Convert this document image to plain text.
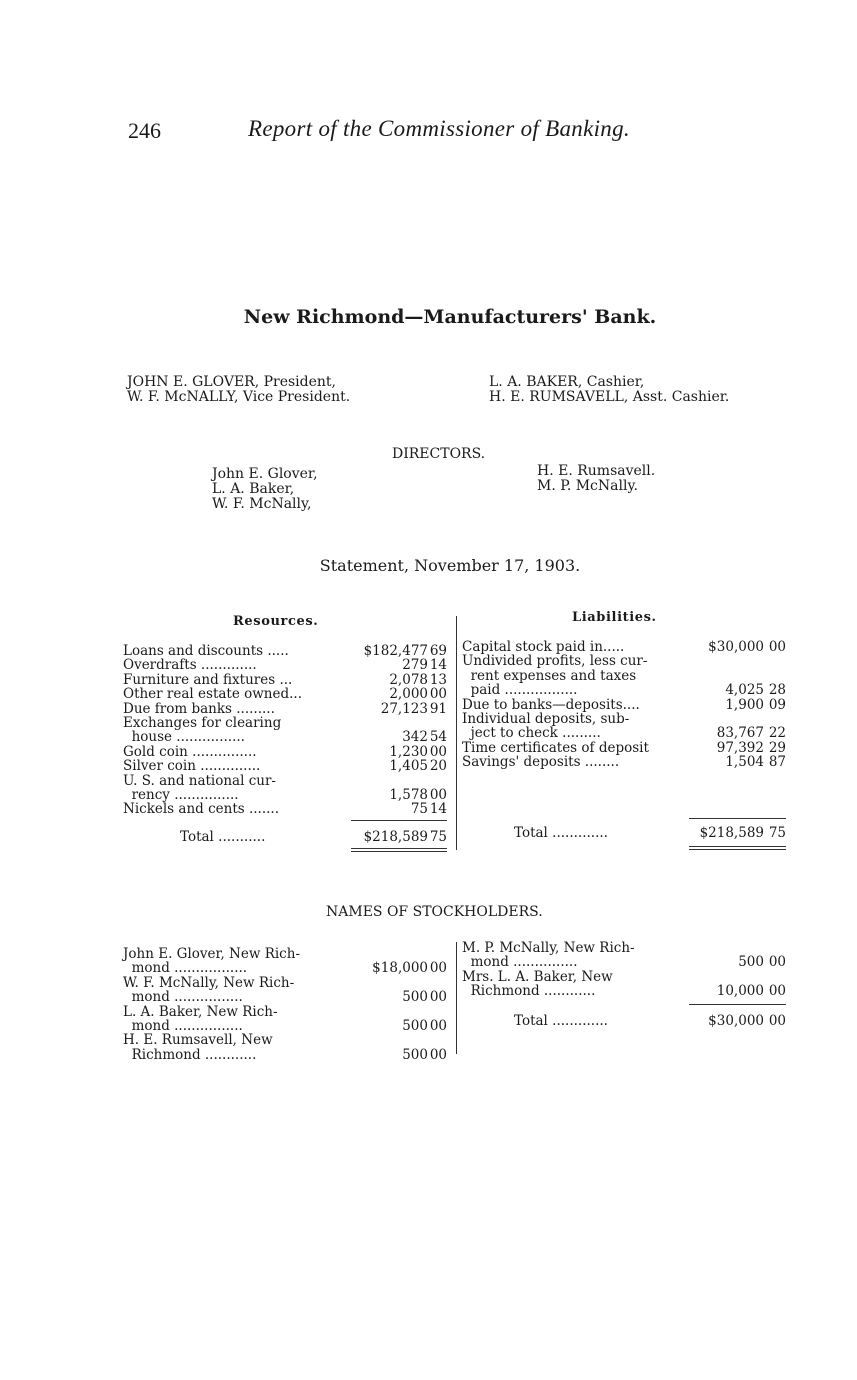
246	Report of the Commissioner of Banking.
New Richmond—Manufacturers' Bank.
JOHN E. GLOVER, President,
W. F. McNALLY, Vice President.
L. A. BAKER, Cashier,
H. E. RUMSAVELL, Asst. Cashier.
DIRECTORS.
John E. Glover,
L. A. Baker,
W. F. McNally,
H. E. Rumsavell.
M. P. McNally.
Statement, November 17, 1903.
Resources.	Liabilities.
Loans and discounts .....	$182,477 69
Overdrafts .............	279 14
Furniture and fixtures ...	2,078 13
Other real estate owned...	2,000 00
Due from banks .........	27,123 91
Exchanges for clearing
house ................	342 54
Gold coin ...............	1,230 00
Silver coin ..............	1,405 20
U. S. and national cur-
rency ...............	1,578 00
Nickels and cents .......	75 14
Total ...........	$218,589 75
Capital stock paid in.....	$30,000 00
Undivided profits, less cur-
rent expenses and taxes
paid .................	4,025 28
Due to banks—deposits....	1,900 09
Individual deposits, sub-
ject to check .........	83,767 22
Time certificates of deposit	97,392 29
Savings' deposits ........	1,504 87
Total .............	$218,589 75
NAMES OF STOCKHOLDERS.
John E. Glover, New Rich-
mond .................	$18,000 00
W. F. McNally, New Rich-
mond ................	500 00
L. A. Baker, New Rich-
mond ................	500 00
H. E. Rumsavell, New
Richmond ............	500 00
M. P. McNally, New Rich-
mond ...............	500 00
Mrs. L. A. Baker, New
Richmond ............	10,000 00
Total .............	$30,000 00
